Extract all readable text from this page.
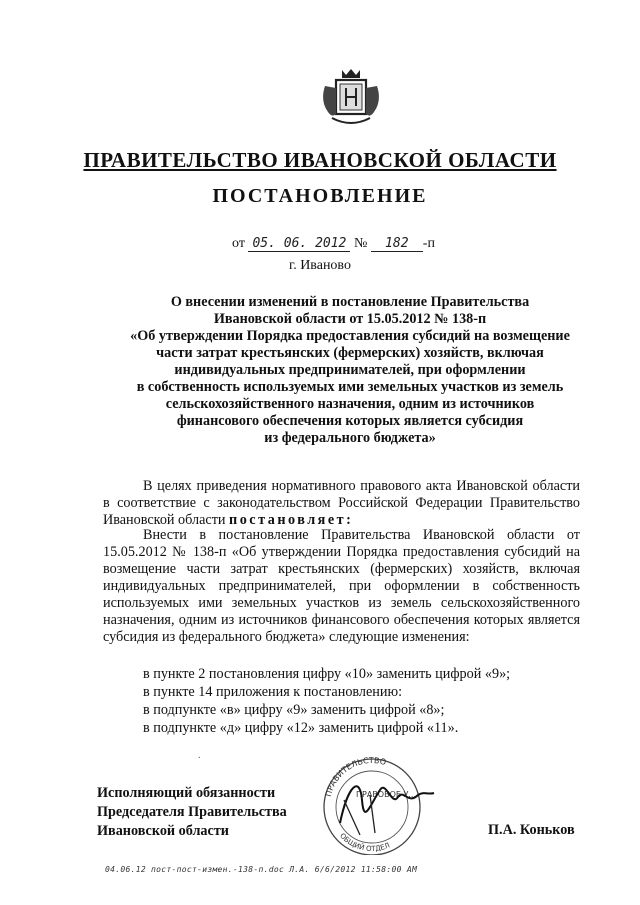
ПРАВИТЕЛЬСТВО ИВАНОВСКОЙ ОБЛАСТИ
ПОСТАНОВЛЕНИЕ
от 05. 06. 2012 № 182 -п
г. Иваново
О внесении изменений в постановление Правительства
Ивановской области от 15.05.2012 № 138-п
«Об утверждении Порядка предоставления субсидий на возмещение
части затрат крестьянских (фермерских) хозяйств, включая
индивидуальных предпринимателей, при оформлении
в собственность используемых ими земельных участков из земель
сельскохозяйственного назначения, одним из источников
финансового обеспечения которых является субсидия
из федерального бюджета»
В целях приведения нормативного правового акта Ивановской области в соответствие с законодательством Российской Федерации Правительство Ивановской области постановляет:
Внести в постановление Правительства Ивановской области от 15.05.2012 № 138-п «Об утверждении Порядка предоставления субсидий на возмещение части затрат крестьянских (фермерских) хозяйств, включая индивидуальных предпринимателей, при оформлении в собственность используемых ими земельных участков из земель сельскохозяйственного назначения, одним из источников финансового обеспечения которых является субсидия из федерального бюджета» следующие изменения:
в пункте 2 постановления цифру «10» заменить цифрой «9»;
в пункте 14 приложения к постановлению:
в подпункте «в» цифру «9» заменить цифрой «8»;
в подпункте «д» цифру «12» заменить цифрой «11».
.
Исполняющий обязанности
Председателя Правительства
Ивановской области
ПРАВИТЕЛЬСТВО
ПРАВОВОЕ У...
ОБЩИЙ ОТДЕЛ
П.А. Коньков
04.06.12 пост-пост-измен.-138-п.doc Л.А. 6/6/2012 11:58:00 AM
